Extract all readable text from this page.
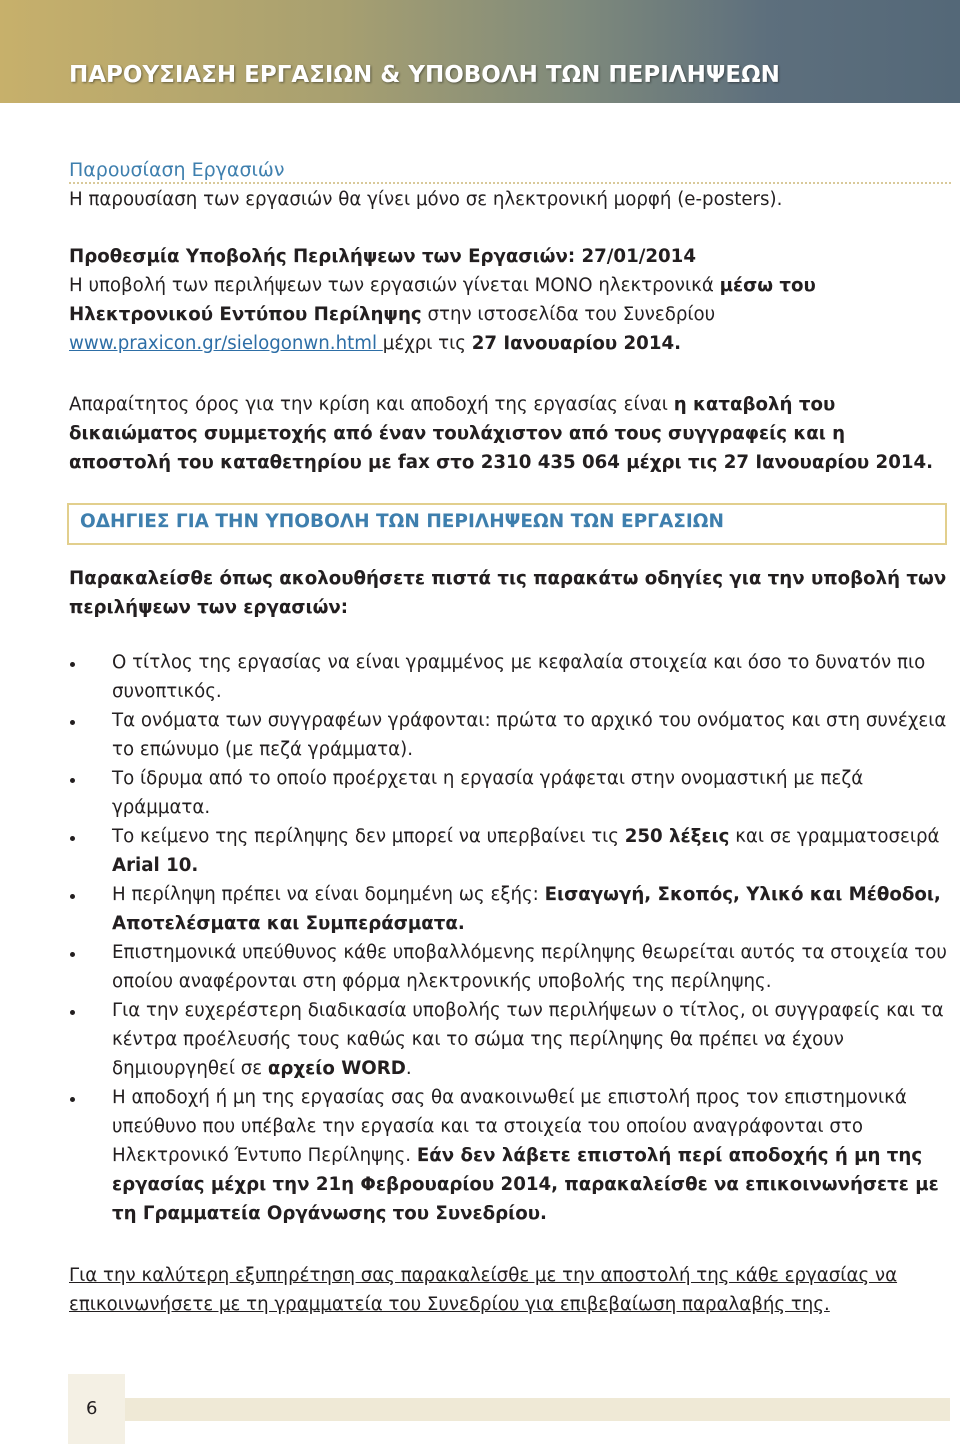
ΠΑΡΟΥΣΙΑΣΗ ΕΡΓΑΣΙΩΝ & ΥΠΟΒΟΛΗ ΤΩΝ ΠΕΡΙΛΗΨΕΩΝ
Παρουσίαση Εργασιών
Η παρουσίαση των εργασιών θα γίνει μόνο σε ηλεκτρονική μορφή (e-posters).
Προθεσμία Υποβολής Περιλήψεων των Εργασιών: 27/01/2014
Η υποβολή των περιλήψεων των εργασιών γίνεται ΜΟΝΟ ηλεκτρονικά μέσω του Ηλεκτρονικού Εντύπου Περίληψης στην ιστοσελίδα του Συνεδρίου www.praxicon.gr/sielogonwn.html μέχρι τις 27 Ιανουαρίου 2014.
Απαραίτητος όρος για την κρίση και αποδοχή της εργασίας είναι η καταβολή του δικαιώματος συμμετοχής από έναν τουλάχιστον από τους συγγραφείς και η αποστολή του καταθετηρίου με fax στο 2310 435 064 μέχρι τις 27 Ιανουαρίου 2014.
ΟΔΗΓΙΕΣ ΓΙΑ ΤΗΝ ΥΠΟΒΟΛΗ ΤΩΝ ΠΕΡΙΛΗΨΕΩΝ ΤΩΝ ΕΡΓΑΣΙΩΝ
Παρακαλείσθε όπως ακολουθήσετε πιστά τις παρακάτω οδηγίες για την υποβολή των περιλήψεων των εργασιών:
Ο τίτλος της εργασίας να είναι γραμμένος με κεφαλαία στοιχεία και όσο το δυνατόν πιο συνοπτικός.
Τα ονόματα των συγγραφέων γράφονται: πρώτα το αρχικό του ονόματος και στη συνέχεια το επώνυμο (με πεζά γράμματα).
Το ίδρυμα από το οποίο προέρχεται η εργασία γράφεται στην ονομαστική με πεζά γράμματα.
Το κείμενο της περίληψης δεν μπορεί να υπερβαίνει τις 250 λέξεις και σε γραμματοσειρά Arial 10.
Η περίληψη πρέπει να είναι δομημένη ως εξής: Εισαγωγή, Σκοπός, Υλικό και Μέθοδοι, Αποτελέσματα και Συμπεράσματα.
Επιστημονικά υπεύθυνος κάθε υποβαλλόμενης περίληψης θεωρείται αυτός τα στοιχεία του οποίου αναφέρονται στη φόρμα ηλεκτρονικής υποβολής της περίληψης.
Για την ευχερέστερη διαδικασία υποβολής των περιλήψεων ο τίτλος, οι συγγραφείς και τα κέντρα προέλευσής τους καθώς και το σώμα της περίληψης θα πρέπει να έχουν δημιουργηθεί σε αρχείο WORD.
Η αποδοχή ή μη της εργασίας σας θα ανακοινωθεί με επιστολή προς τον επιστημονικά υπεύθυνο που υπέβαλε την εργασία και τα στοιχεία του οποίου αναγράφονται στο Ηλεκτρονικό Έντυπο Περίληψης. Εάν δεν λάβετε επιστολή περί αποδοχής ή μη της εργασίας μέχρι την 21η Φεβρουαρίου 2014, παρακαλείσθε να επικοινωνήσετε με τη Γραμματεία Οργάνωσης του Συνεδρίου.
Για την καλύτερη εξυπηρέτηση σας παρακαλείσθε με την αποστολή της κάθε εργασίας να επικοινωνήσετε με τη γραμματεία του Συνεδρίου για επιβεβαίωση παραλαβής της.
6
